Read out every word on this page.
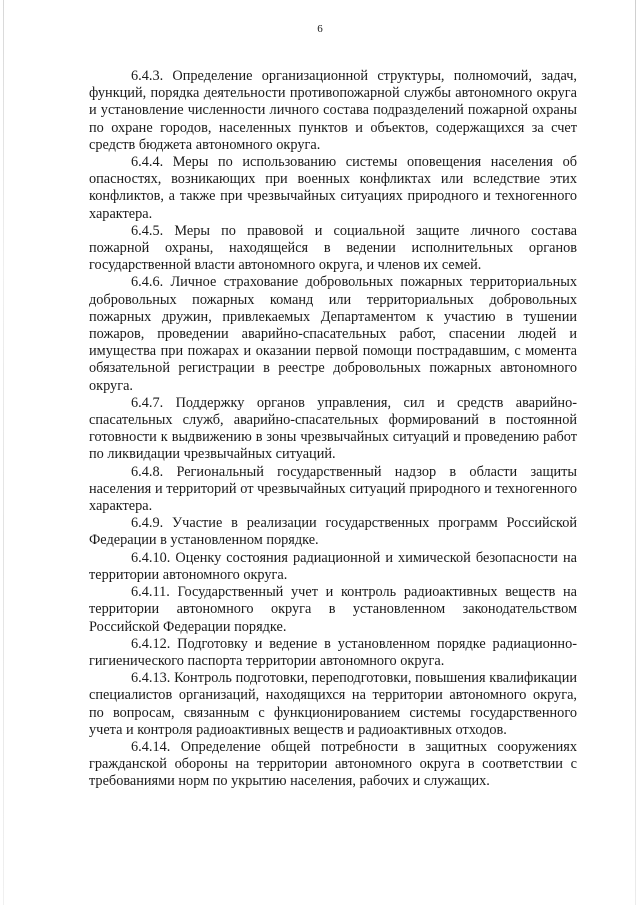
6

6.4.3. Определение организационной структуры, полномочий, задач, функций, порядка деятельности противопожарной службы автономного округа и установление численности личного состава подразделений пожарной охраны по охране городов, населенных пунктов и объектов, содержащихся за счет средств бюджета автономного округа.

6.4.4. Меры по использованию системы оповещения населения об опасностях, возникающих при военных конфликтах или вследствие этих конфликтов, а также при чрезвычайных ситуациях природного и техногенного характера.

6.4.5. Меры по правовой и социальной защите личного состава пожарной охраны, находящейся в ведении исполнительных органов государственной власти автономного округа, и членов их семей.

6.4.6. Личное страхование добровольных пожарных территориальных добровольных пожарных команд или территориальных добровольных пожарных дружин, привлекаемых Департаментом к участию в тушении пожаров, проведении аварийно-спасательных работ, спасении людей и имущества при пожарах и оказании первой помощи пострадавшим, с момента обязательной регистрации в реестре добровольных пожарных автономного округа.

6.4.7. Поддержку органов управления, сил и средств аварийно-спасательных служб, аварийно-спасательных формирований в постоянной готовности к выдвижению в зоны чрезвычайных ситуаций и проведению работ по ликвидации чрезвычайных ситуаций.

6.4.8. Региональный государственный надзор в области защиты населения и территорий от чрезвычайных ситуаций природного и техногенного характера.

6.4.9. Участие в реализации государственных программ Российской Федерации в установленном порядке.

6.4.10. Оценку состояния радиационной и химической безопасности на территории автономного округа.

6.4.11. Государственный учет и контроль радиоактивных веществ на территории автономного округа в установленном законодательством Российской Федерации порядке.

6.4.12. Подготовку и ведение в установленном порядке радиационно-гигиенического паспорта территории автономного округа.

6.4.13. Контроль подготовки, переподготовки, повышения квалификации специалистов организаций, находящихся на территории автономного округа, по вопросам, связанным с функционированием системы государственного учета и контроля радиоактивных веществ и радиоактивных отходов.

6.4.14. Определение общей потребности в защитных сооружениях гражданской обороны на территории автономного округа в соответствии с требованиями норм по укрытию населения, рабочих и служащих.
